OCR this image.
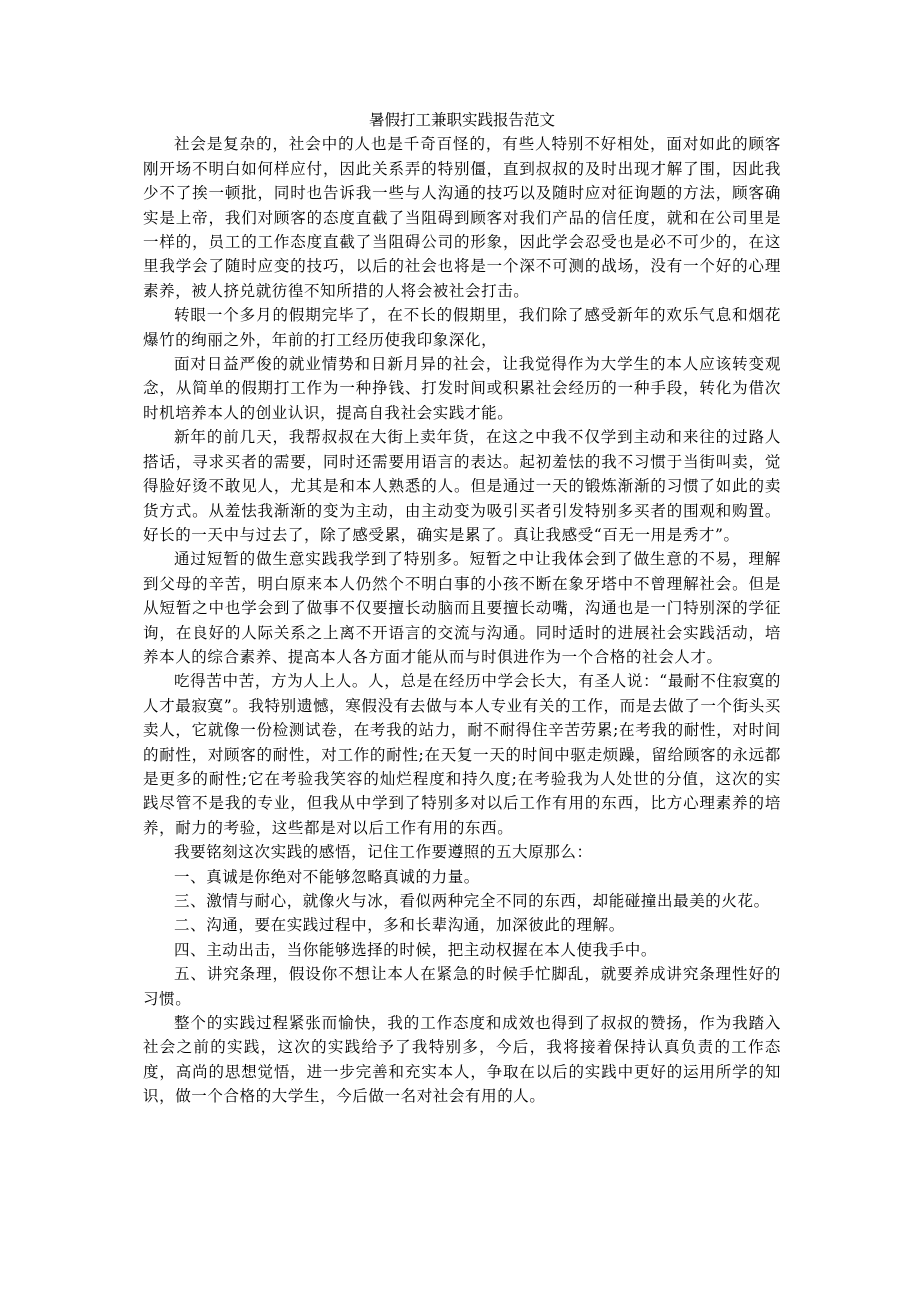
暑假打工兼职实践报告范文

社会是复杂的，社会中的人也是千奇百怪的，有些人特别不好相处，面对如此的顾客刚开场不明白如何样应付，因此关系弄的特别僵，直到叔叔的及时出现才解了围，因此我少不了挨一顿批，同时也告诉我一些与人沟通的技巧以及随时应对征询题的方法，顾客确实是上帝，我们对顾客的态度直截了当阻碍到顾客对我们产品的信任度，就和在公司里是一样的，员工的工作态度直截了当阻碍公司的形象，因此学会忍受也是必不可少的，在这里我学会了随时应变的技巧，以后的社会也将是一个深不可测的战场，没有一个好的心理素养，被人挤兑就彷徨不知所措的人将会被社会打击。

转眼一个多月的假期完毕了，在不长的假期里，我们除了感受新年的欢乐气息和烟花爆竹的绚丽之外，年前的打工经历使我印象深化，

面对日益严俊的就业情势和日新月异的社会，让我觉得作为大学生的本人应该转变观念，从简单的假期打工作为一种挣钱、打发时间或积累社会经历的一种手段，转化为借次时机培养本人的创业认识，提高自我社会实践才能。

新年的前几天，我帮叔叔在大街上卖年货，在这之中我不仅学到主动和来往的过路人搭话，寻求买者的需要，同时还需要用语言的表达。起初羞怯的我不习惯于当街叫卖，觉得脸好烫不敢见人，尤其是和本人熟悉的人。但是通过一天的锻炼渐渐的习惯了如此的卖货方式。从羞怯我渐渐的变为主动，由主动变为吸引买者引发特别多买者的围观和购置。好长的一天中与过去了，除了感受累，确实是累了。真让我感受“百无一用是秀才”。

通过短暂的做生意实践我学到了特别多。短暂之中让我体会到了做生意的不易，理解到父母的辛苦，明白原来本人仍然个不明白事的小孩不断在象牙塔中不曾理解社会。但是从短暂之中也学会到了做事不仅要擅长动脑而且要擅长动嘴，沟通也是一门特别深的学征询，在良好的人际关系之上离不开语言的交流与沟通。同时适时的进展社会实践活动，培养本人的综合素养、提高本人各方面才能从而与时俱进作为一个合格的社会人才。

吃得苦中苦，方为人上人。人，总是在经历中学会长大，有圣人说：“最耐不住寂寞的人才最寂寞”。我特别遗憾，寒假没有去做与本人专业有关的工作，而是去做了一个街头买卖人，它就像一份检测试卷，在考我的站力，耐不耐得住辛苦劳累;在考我的耐性，对时间的耐性，对顾客的耐性，对工作的耐性;在天复一天的时间中驱走烦躁，留给顾客的永远都是更多的耐性;它在考验我笑容的灿烂程度和持久度;在考验我为人处世的分值，这次的实践尽管不是我的专业，但我从中学到了特别多对以后工作有用的东西，比方心理素养的培养，耐力的考验，这些都是对以后工作有用的东西。

我要铭刻这次实践的感悟，记住工作要遵照的五大原那么：

一、真诚是你绝对不能够忽略真诚的力量。

三、激情与耐心，就像火与冰，看似两种完全不同的东西，却能碰撞出最美的火花。

二、沟通，要在实践过程中，多和长辈沟通，加深彼此的理解。

四、主动出击，当你能够选择的时候，把主动权握在本人使我手中。

五、讲究条理，假设你不想让本人在紧急的时候手忙脚乱，就要养成讲究条理性好的习惯。

整个的实践过程紧张而愉快，我的工作态度和成效也得到了叔叔的赞扬，作为我踏入社会之前的实践，这次的实践给予了我特别多，今后，我将接着保持认真负责的工作态度，高尚的思想觉悟，进一步完善和充实本人，争取在以后的实践中更好的运用所学的知识，做一个合格的大学生，今后做一名对社会有用的人。
